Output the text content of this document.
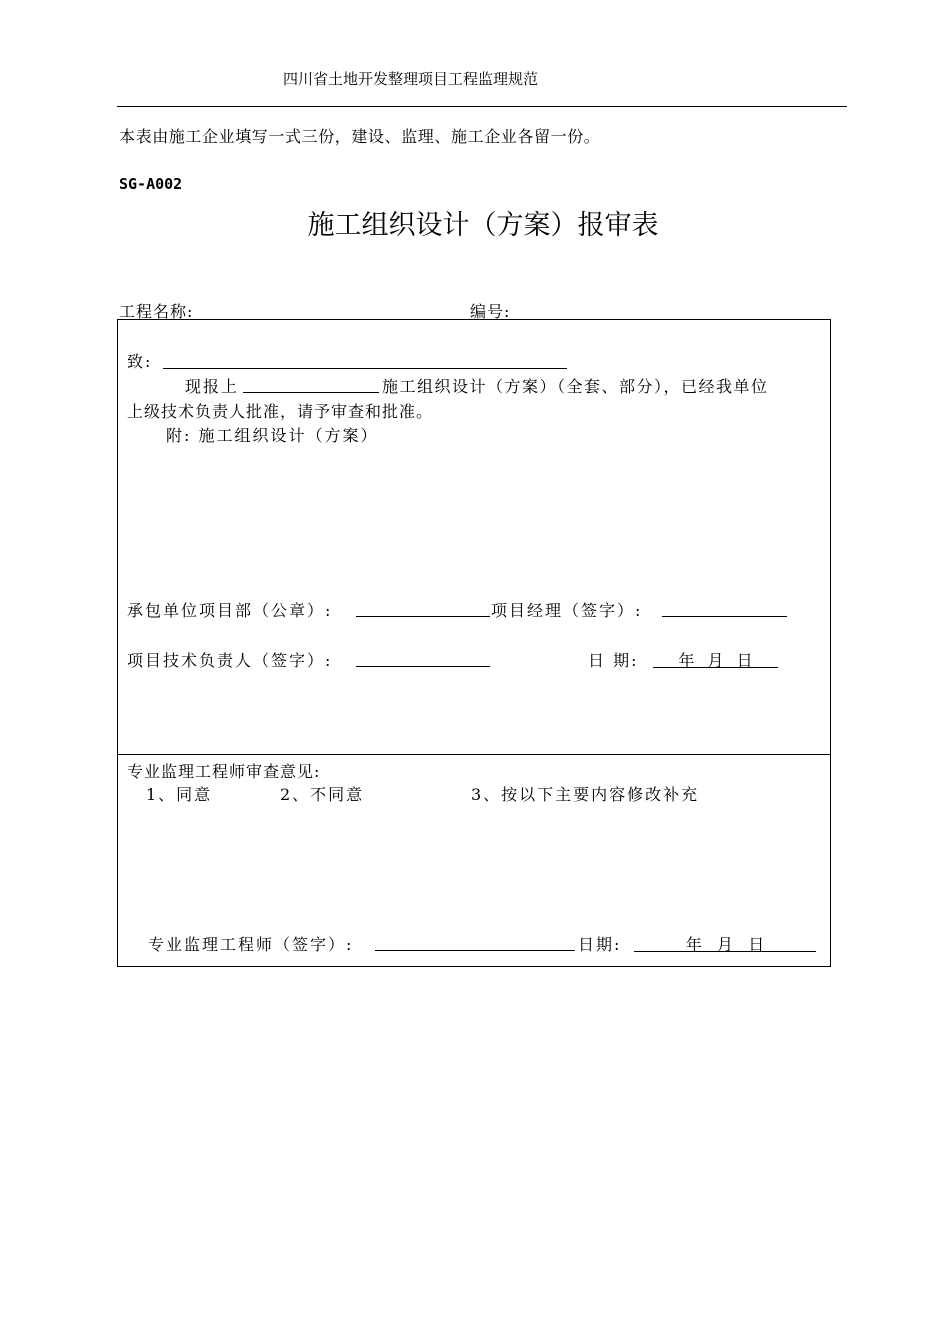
四川省土地开发整理项目工程监理规范
本表由施工企业填写一式三份，建设、监理、施工企业各留一份。
SG-A002
施工组织设计（方案）报审表
工程名称:	编号:
致:
现报上	施工组织设计（方案）（全套、部分），已经我单位
上级技术负责人批准，请予审查和批准。
附: 施工组织设计（方案）
承包单位项目部（公章）:	项目经理（签字）:
项目技术负责人（签字）:	日 期:	年 月 日
专业监理工程师审查意见:
1、同意	2、不同意	3、按以下主要内容修改补充
专业监理工程师（签字）:	日期:	年   月   日
